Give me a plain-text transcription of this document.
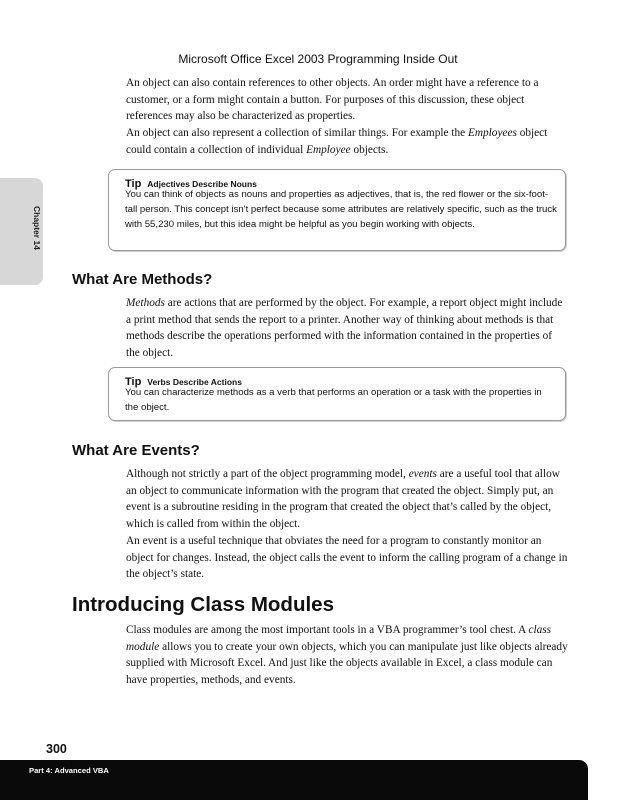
Microsoft Office Excel 2003 Programming Inside Out
Chapter 14

An object can also contain references to other objects. An order might have a reference to a customer, or a form might contain a button. For purposes of this discussion, these object references may also be characterized as properties.

An object can also represent a collection of similar things. For example the Employees object could contain a collection of individual Employee objects.

Tip Adjectives Describe Nouns

You can think of objects as nouns and properties as adjectives, that is, the red flower or the six-foot-tall person. This concept isn't perfect because some attributes are relatively specific, such as the truck with 55,230 miles, but this idea might be helpful as you begin working with objects.

What Are Methods?

Methods are actions that are performed by the object. For example, a report object might include a print method that sends the report to a printer. Another way of thinking about methods is that methods describe the operations performed with the information contained in the properties of the object.

Tip Verbs Describe Actions

You can characterize methods as a verb that performs an operation or a task with the properties in the object.

What Are Events?

Although not strictly a part of the object programming model, events are a useful tool that allow an object to communicate information with the program that created the object. Simply put, an event is a subroutine residing in the program that created the object that’s called by the object, which is called from within the object.

An event is a useful technique that obviates the need for a program to constantly monitor an object for changes. Instead, the object calls the event to inform the calling program of a change in the object’s state.

Introducing Class Modules

Class modules are among the most important tools in a VBA programmer’s tool chest. A class module allows you to create your own objects, which you can manipulate just like objects already supplied with Microsoft Excel. And just like the objects available in Excel, a class module can have properties, methods, and events.

300
Part 4: Advanced VBA
